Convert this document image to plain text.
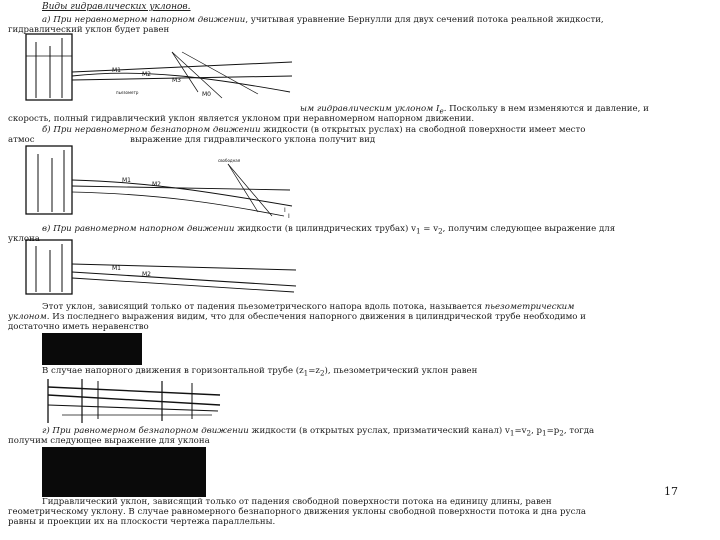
Виды гидравлических уклонов.
а) При неравномерном напорном движении, учитывая уравнение Бернулли для двух сечений потока реальной жидкости,
гидравлический уклон будет равен
M1
M2
M3
M0
пьезометр
ым гидравлическим уклоном $I_e$. Поскольку в нем изменяются и давление, и
скорость, полный гидравлический уклон является уклоном при неравномерном напорном движении.
б) При неравномерном безнапорном движении жидкости (в открытых руслах) на свободной поверхности имеет место
атмос                                   выражение для гидравлического уклона получит вид
M1
M2
свободная
I
I
в) При равномерном напорном движении жидкости (в цилиндрических трубах) $v_1 = v_2$, получим следующее выражение для
уклона
M1
M2
Этот уклон, зависящий только от падения пьезометрического напора вдоль потока, называется пьезометрическим
уклоном. Из последнего выражения видим, что для обеспечения напорного движения в цилиндрической трубе необходимо и
достаточно иметь неравенство
В случае напорного движения в горизонтальной трубе $(z_1=z_2)$, пьезометрический уклон равен
г) При равномерном безнапорном движении жидкости (в открытых руслах, призматический канал) $v_1=v_2$, $p_1=p_2$, тогда
получим следующее выражение для уклона
Гидравлический уклон, зависящий только от падения свободной поверхности потока на единицу длины, равен
17
геометрическому уклону. В случае равномерного безнапорного движения уклоны свободной поверхности потока и дна русла
равны и проекции их на плоскости чертежа параллельны.
